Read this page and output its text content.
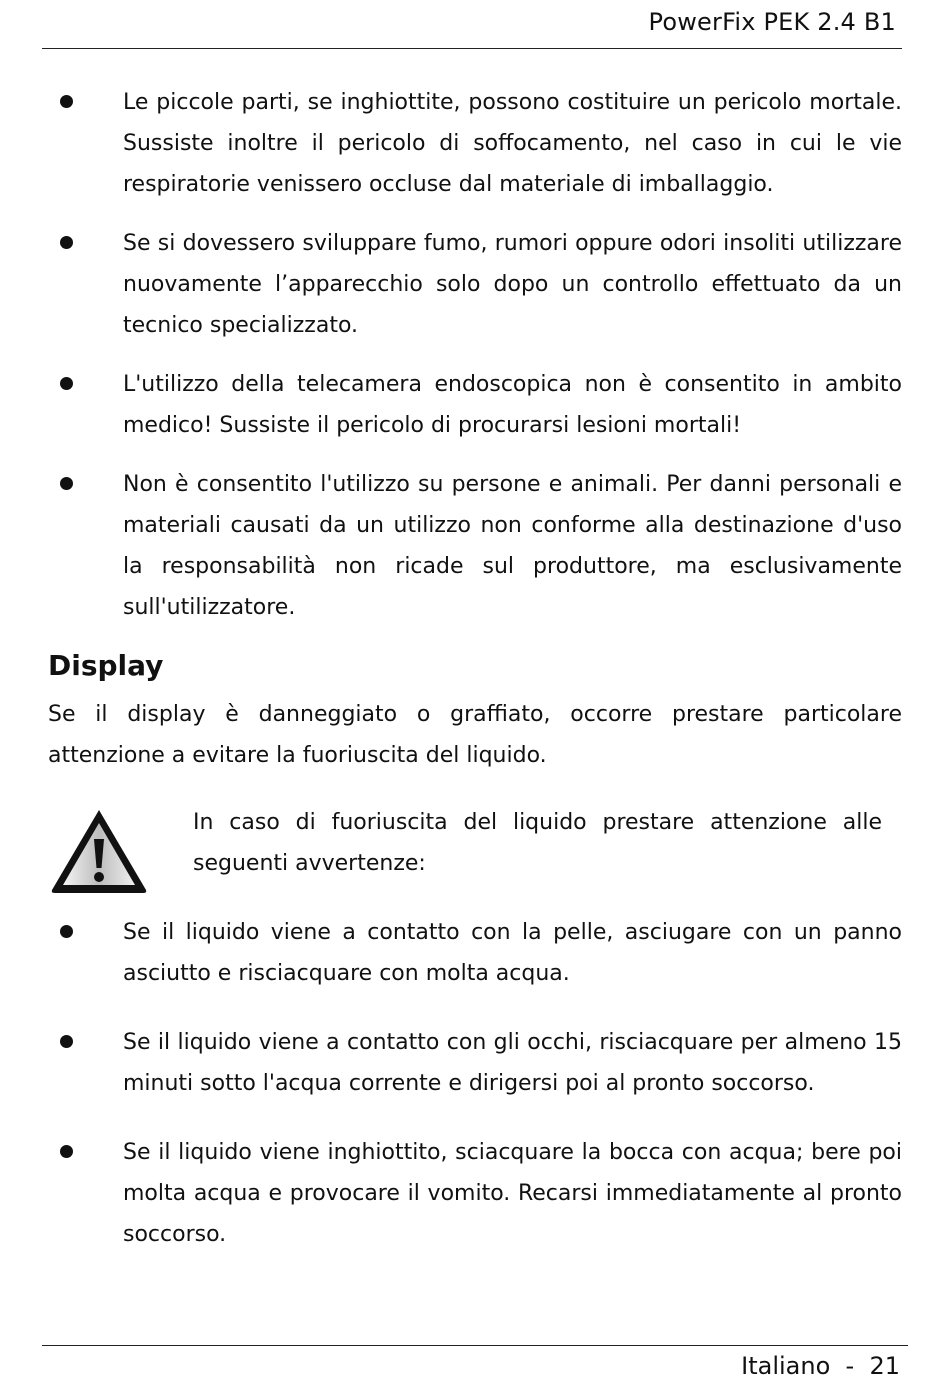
PowerFix PEK 2.4 B1

Le piccole parti, se inghiottite, possono costituire un pericolo mortale. Sussiste inoltre il pericolo di soffocamento, nel caso in cui le vie respiratorie venissero occluse dal materiale di imballaggio.

Se si dovessero sviluppare fumo, rumori oppure odori insoliti utilizzare nuovamente l’apparecchio solo dopo un controllo effettuato da un tecnico specializzato.

L'utilizzo della telecamera endoscopica non è consentito in ambito medico! Sussiste il pericolo di procurarsi lesioni mortali!

Non è consentito l'utilizzo su persone e animali. Per danni personali e materiali causati da un utilizzo non conforme alla destinazione d'uso la responsabilità non ricade sul produttore, ma esclusivamente sull'utilizzatore.

Display

Se il display è danneggiato o graffiato, occorre prestare particolare attenzione a evitare la fuoriuscita del liquido.

In caso di fuoriuscita del liquido prestare attenzione alle seguenti avvertenze:

Se il liquido viene a contatto con la pelle, asciugare con un panno asciutto e risciacquare con molta acqua.

Se il liquido viene a contatto con gli occhi, risciacquare per almeno 15 minuti sotto l'acqua corrente e dirigersi poi al pronto soccorso.

Se il liquido viene inghiottito, sciacquare la bocca con acqua; bere poi molta acqua e provocare il vomito. Recarsi immediatamente al pronto soccorso.

Italiano  -  21
